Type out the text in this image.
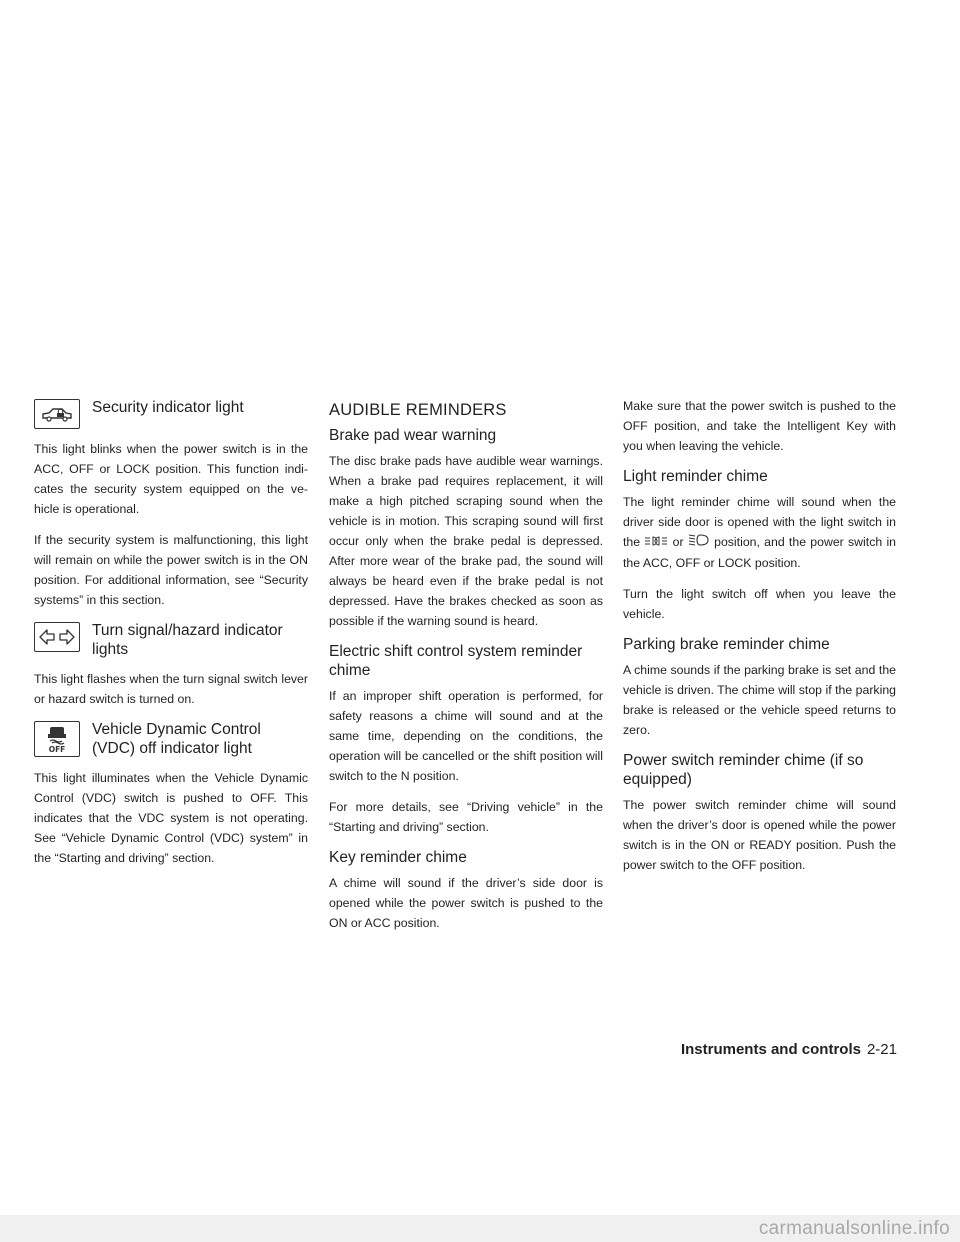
Security indicator light

This light blinks when the power switch is in the ACC, OFF or LOCK position. This function indi-cates the security system equipped on the ve-hicle is operational.

If the security system is malfunctioning, this light will remain on while the power switch is in the ON position. For additional information, see “Security systems” in this section.

Turn signal/hazard indicator lights

This light flashes when the turn signal switch lever or hazard switch is turned on.

OFF
Vehicle Dynamic Control (VDC) off indicator light

This light illuminates when the Vehicle Dynamic Control (VDC) switch is pushed to OFF. This indicates that the VDC system is not operating. See “Vehicle Dynamic Control (VDC) system” in the “Starting and driving” section.

AUDIBLE REMINDERS
Brake pad wear warning

The disc brake pads have audible wear warnings. When a brake pad requires replacement, it will make a high pitched scraping sound when the vehicle is in motion. This scraping sound will first occur only when the brake pedal is depressed. After more wear of the brake pad, the sound will always be heard even if the brake pedal is not depressed. Have the brakes checked as soon as possible if the warning sound is heard.

Electric shift control system reminder chime

If an improper shift operation is performed, for safety reasons a chime will sound and at the same time, depending on the conditions, the operation will be cancelled or the shift position will switch to the N position.

For more details, see “Driving vehicle” in the “Starting and driving” section.

Key reminder chime

A chime will sound if the driver’s side door is opened while the power switch is pushed to the ON or ACC position.

Make sure that the power switch is pushed to the OFF position, and take the Intelligent Key with you when leaving the vehicle.

Light reminder chime

The light reminder chime will sound when the driver side door is opened with the light switch in the	or position, and the power switch in the ACC, OFF or LOCK position.

Turn the light switch off when you leave the vehicle.

Parking brake reminder chime

A chime sounds if the parking brake is set and the vehicle is driven. The chime will stop if the parking brake is released or the vehicle speed returns to zero.

Power switch reminder chime (if so equipped)

The power switch reminder chime will sound when the driver’s door is opened while the power switch is in the ON or READY position. Push the power switch to the OFF position.

Instruments and controls 2-21
carmanualsonline.info
